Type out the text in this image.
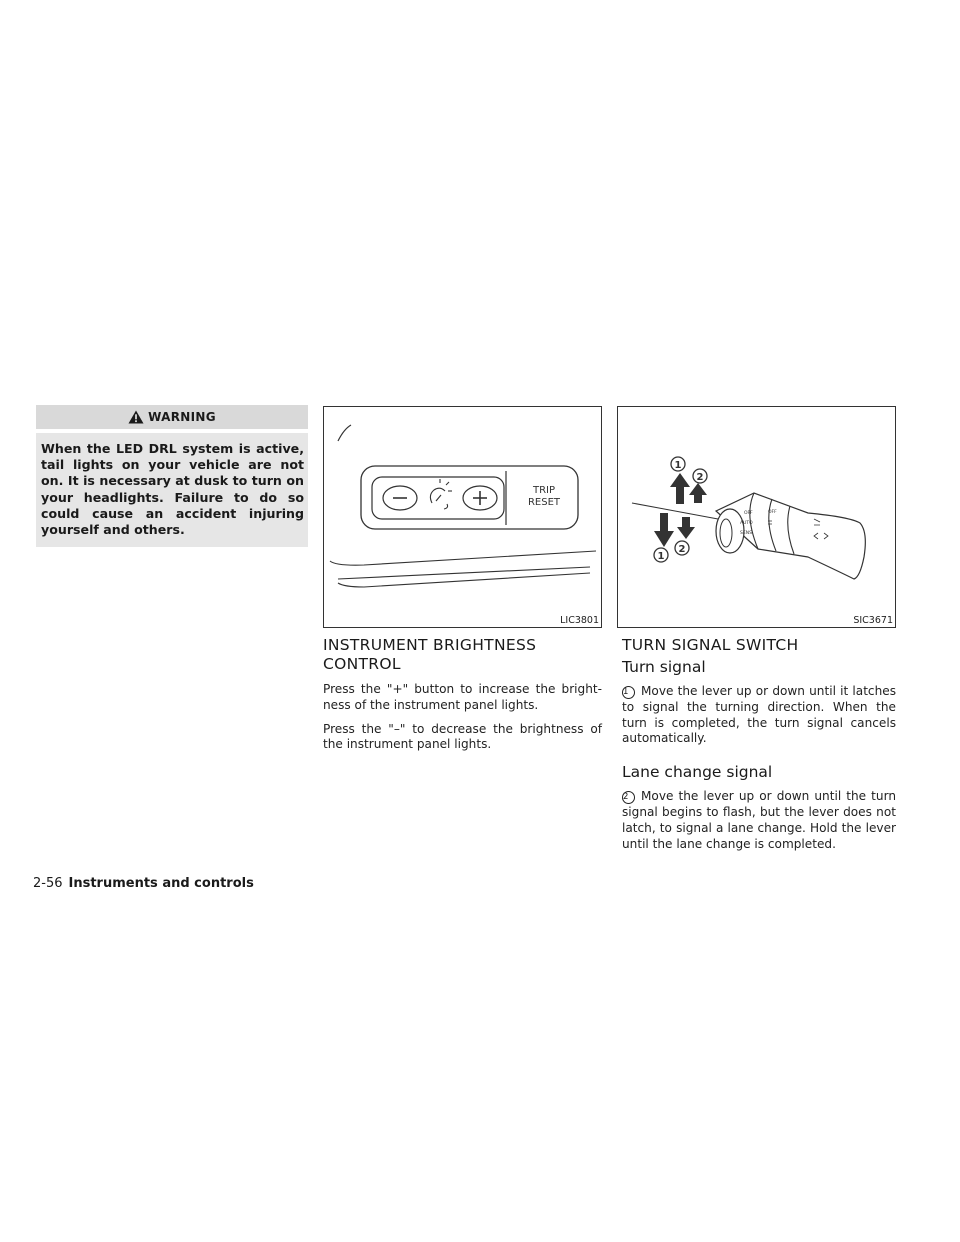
WARNING
When the LED DRL system is active, tail lights on your vehicle are not on. It is necessary at dusk to turn on your headlights. Failure to do so could cause an accident injuring yourself and others.
TRIP
RESET
LIC3801
OFF
AUTO
OFF
SENS
1
2
1
2
SIC3671
INSTRUMENT BRIGHTNESS
CONTROL

Press the "+" button to increase the bright-ness of the instrument panel lights.

Press the "–" to decrease the brightness of the instrument panel lights.

TURN SIGNAL SWITCH
Turn signal

1 Move the lever up or down until it latches to signal the turning direction. When the turn is completed, the turn signal cancels automatically.

Lane change signal

2 Move the lever up or down until the turn signal begins to flash, but the lever does not latch, to signal a lane change. Hold the lever until the lane change is completed.

2-56 Instruments and controls
